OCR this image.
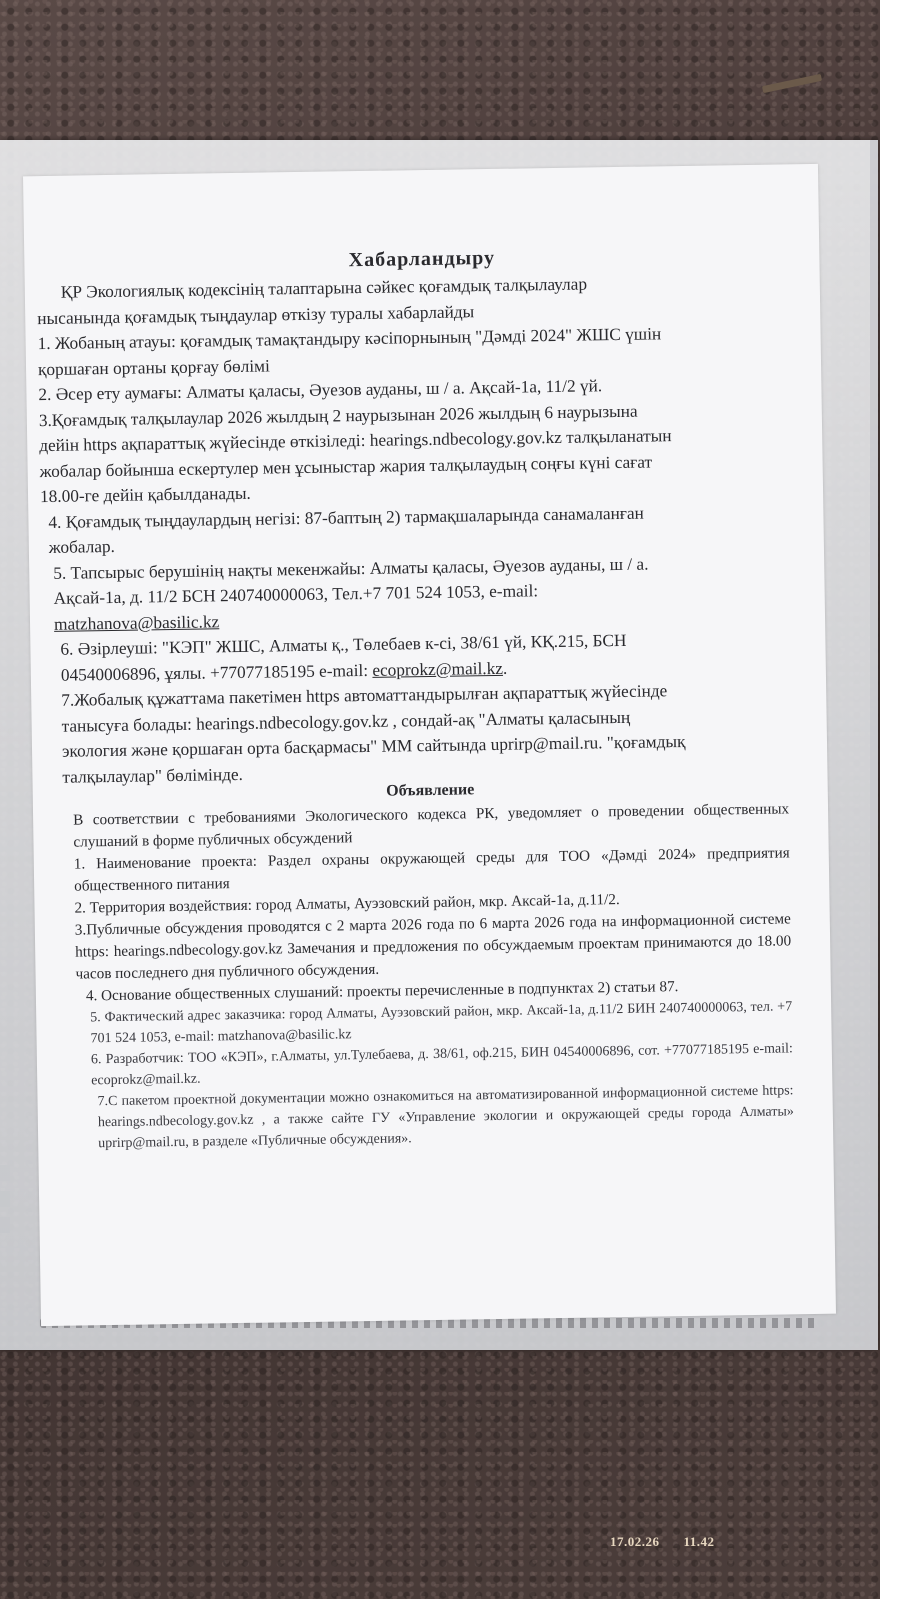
Хабарландыру

ҚР Экологиялық кодексінің талаптарына сәйкес қоғамдық талқылаулар

нысанында қоғамдық тыңдаулар өткізу туралы хабарлайды

1. Жобаның атауы: қоғамдық тамақтандыру кәсіпорнының "Дәмді 2024" ЖШС үшін

қоршаған ортаны қорғау бөлімі

2. Әсер ету аумағы: Алматы қаласы, Әуезов ауданы, ш / а. Ақсай-1а, 11/2 үй.

3.Қоғамдық талқылаулар 2026 жылдың 2 наурызынан 2026 жылдың 6 наурызына

дейін https ақпараттық жүйесінде өткізіледі: hearings.ndbecology.gov.kz талқыланатын

жобалар бойынша ескертулер мен ұсыныстар жария талқылаудың соңғы күні сағат

18.00-ге дейін қабылданады.

4. Қоғамдық тыңдаулардың негізі: 87-баптың 2) тармақшаларында санамаланған

жобалар.

5. Тапсырыс берушінің нақты мекенжайы: Алматы қаласы, Әуезов ауданы, ш / а.

Ақсай-1а, д. 11/2 БСН 240740000063, Тел.+7 701 524 1053, e-mail:

matzhanova@basilic.kz

6. Әзірлеуші: "КЭП" ЖШС, Алматы қ., Төлебаев к-сі, 38/61 үй, КҚ.215, БСН

04540006896, ұялы. +77077185195 e-mail: ecoprokz@mail.kz.

7.Жобалық құжаттама пакетімен https автоматтандырылған ақпараттық жүйесінде

танысуға болады: hearings.ndbecology.gov.kz , сондай-ақ "Алматы қаласының

экология және қоршаған орта басқармасы" ММ сайтында uprirp@mail.ru. "қоғамдық

талқылаулар" бөлімінде.

Объявление

В соответствии с требованиями Экологического кодекса РК, уведомляет о проведении общественных слушаний в форме публичных обсуждений

1. Наименование проекта: Раздел охраны окружающей среды для ТОО «Дәмді 2024» предприятия общественного питания

2. Территория воздействия: город Алматы, Ауэзовский район, мкр. Аксай-1а, д.11/2.

3.Публичные обсуждения проводятся с 2 марта 2026 года по 6 марта 2026 года на информационной системе https: hearings.ndbecology.gov.kz Замечания и предложения по обсуждаемым проектам принимаются до 18.00 часов последнего дня публичного обсуждения.

4. Основание общественных слушаний: проекты перечисленные в подпунктах 2) статьи 87.

5. Фактический адрес заказчика: город Алматы, Ауэзовский район, мкр. Аксай-1а, д.11/2 БИН 240740000063, тел. +7 701 524 1053, e-mail: matzhanova@basilic.kz

6. Разработчик: ТОО «КЭП», г.Алматы, ул.Тулебаева, д. 38/61, оф.215, БИН 04540006896, сот. +77077185195 e-mail: ecoprokz@mail.kz.

7.С пакетом проектной документации можно ознакомиться на автоматизированной информационной системе https: hearings.ndbecology.gov.kz , а также сайте ГУ «Управление экологии и окружающей среды города Алматы» uprirp@mail.ru, в разделе «Публичные обсуждения».

17.02.26 11.42
